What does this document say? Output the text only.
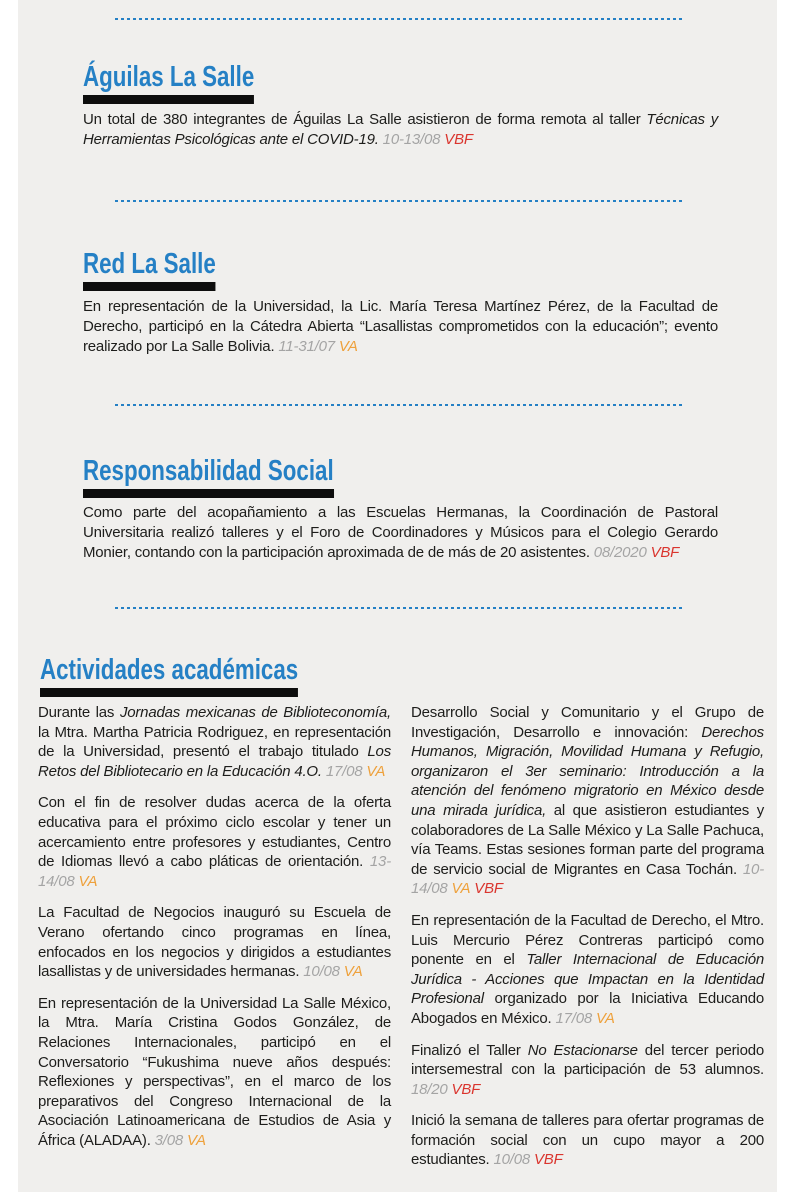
Águilas La Salle
Un total de 380 integrantes de Águilas La Salle asistieron de forma remota al taller Técnicas y Herramientas Psicológicas ante el COVID-19. 10-13/08 VBF
Red La Salle
En representación de la Universidad, la Lic. María Teresa Martínez Pérez, de la Facultad de Derecho, participó en la Cátedra Abierta “Lasallistas comprometidos con la educación”; evento realizado por La Salle Bolivia. 11-31/07 VA
Responsabilidad Social
Como parte del acopañamiento a las Escuelas Hermanas, la Coordinación de Pastoral Universitaria realizó talleres y el Foro de Coordinadores y Músicos para el Colegio Gerardo Monier, contando con la participación aproximada de de más de 20 asistentes. 08/2020 VBF
Actividades académicas

Durante las Jornadas mexicanas de Biblioteconomía, la Mtra. Martha Patricia Rodriguez, en representación de la Universidad, presentó el trabajo titulado Los Retos del Bibliotecario en la Educación 4.O. 17/08 VA

Con el fin de resolver dudas acerca de la oferta educativa para el próximo ciclo escolar y tener un acercamiento entre profesores y estudiantes, Centro de Idiomas llevó a cabo pláticas de orientación. 13-14/08 VA

La Facultad de Negocios inauguró su Escuela de Verano ofertando cinco programas en línea, enfocados en los negocios y dirigidos a estudiantes lasallistas y de universidades hermanas. 10/08 VA

En representación de la Universidad La Salle México, la Mtra. María Cristina Godos González, de Relaciones Internacionales, participó en el Conversatorio “Fukushima nueve años después: Reflexiones y perspectivas”, en el marco de los preparativos del Congreso Internacional de la Asociación Latinoamericana de Estudios de Asia y África (ALADAA). 3/08 VA

Desarrollo Social y Comunitario y el Grupo de Investigación, Desarrollo e innovación: Derechos Humanos, Migración, Movilidad Humana y Refugio, organizaron el 3er seminario: Introducción a la atención del fenómeno migratorio en México desde una mirada jurídica, al que asistieron estudiantes y colaboradores de La Salle México y La Salle Pachuca, vía Teams. Estas sesiones forman parte del programa de servicio social de Migrantes en Casa Tochán. 10- 14/08 VA VBF

En representación de la Facultad de Derecho, el Mtro. Luis Mercurio Pérez Contreras participó como ponente en el Taller Internacional de Educación Jurídica - Acciones que Impactan en la Identidad Profesional organizado por la Iniciativa Educando Abogados en México. 17/08 VA

Finalizó el Taller No Estacionarse del tercer periodo intersemestral con la participación de 53 alumnos. 18/20 VBF

Inició la semana de talleres para ofertar programas de formación social con un cupo mayor a 200 estudiantes. 10/08 VBF
